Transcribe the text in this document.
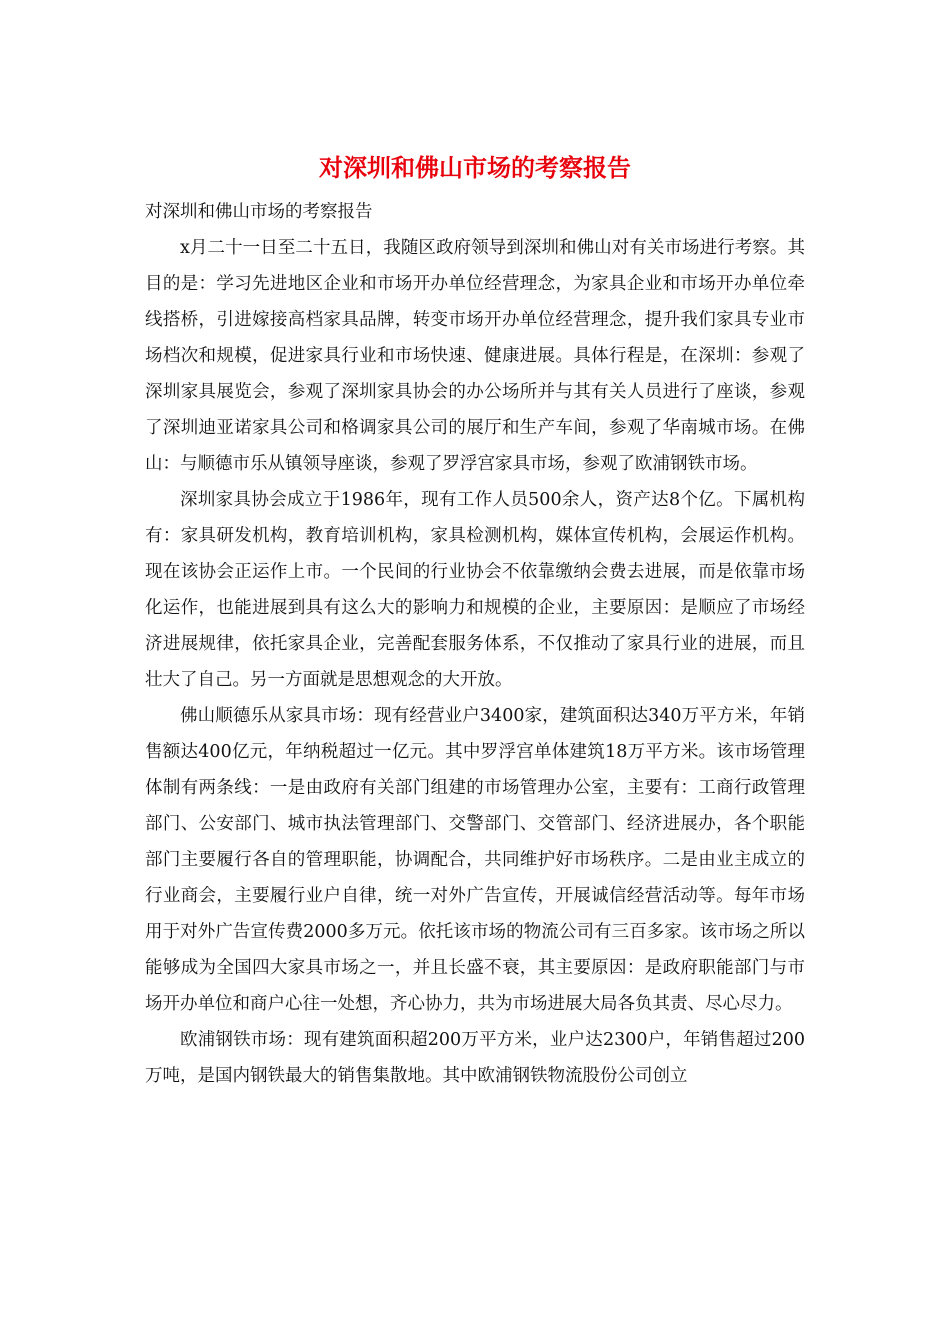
对深圳和佛山市场的考察报告

对深圳和佛山市场的考察报告

x月二十一日至二十五日，我随区政府领导到深圳和佛山对有关市场进行考察。其目的是：学习先进地区企业和市场开办单位经营理念，为家具企业和市场开办单位牵线搭桥，引进嫁接高档家具品牌，转变市场开办单位经营理念，提升我们家具专业市场档次和规模，促进家具行业和市场快速、健康进展。具体行程是，在深圳：参观了深圳家具展览会，参观了深圳家具协会的办公场所并与其有关人员进行了座谈，参观了深圳迪亚诺家具公司和格调家具公司的展厅和生产车间，参观了华南城市场。在佛山：与顺德市乐从镇领导座谈，参观了罗浮宫家具市场，参观了欧浦钢铁市场。

深圳家具协会成立于1986年，现有工作人员500余人，资产达8个亿。下属机构有：家具研发机构，教育培训机构，家具检测机构，媒体宣传机构，会展运作机构。现在该协会正运作上市。一个民间的行业协会不依靠缴纳会费去进展，而是依靠市场化运作，也能进展到具有这么大的影响力和规模的企业，主要原因：是顺应了市场经济进展规律，依托家具企业，完善配套服务体系，不仅推动了家具行业的进展，而且壮大了自己。另一方面就是思想观念的大开放。

佛山顺德乐从家具市场：现有经营业户3400家，建筑面积达340万平方米，年销售额达400亿元，年纳税超过一亿元。其中罗浮宫单体建筑18万平方米。该市场管理体制有两条线：一是由政府有关部门组建的市场管理办公室，主要有：工商行政管理部门、公安部门、城市执法管理部门、交警部门、交管部门、经济进展办，各个职能部门主要履行各自的管理职能，协调配合，共同维护好市场秩序。二是由业主成立的行业商会，主要履行业户自律，统一对外广告宣传，开展诚信经营活动等。每年市场用于对外广告宣传费2000多万元。依托该市场的物流公司有三百多家。该市场之所以能够成为全国四大家具市场之一，并且长盛不衰，其主要原因：是政府职能部门与市场开办单位和商户心往一处想，齐心协力，共为市场进展大局各负其责、尽心尽力。

欧浦钢铁市场：现有建筑面积超200万平方米，业户达2300户，年销售超过200万吨，是国内钢铁最大的销售集散地。其中欧浦钢铁物流股份公司创立
